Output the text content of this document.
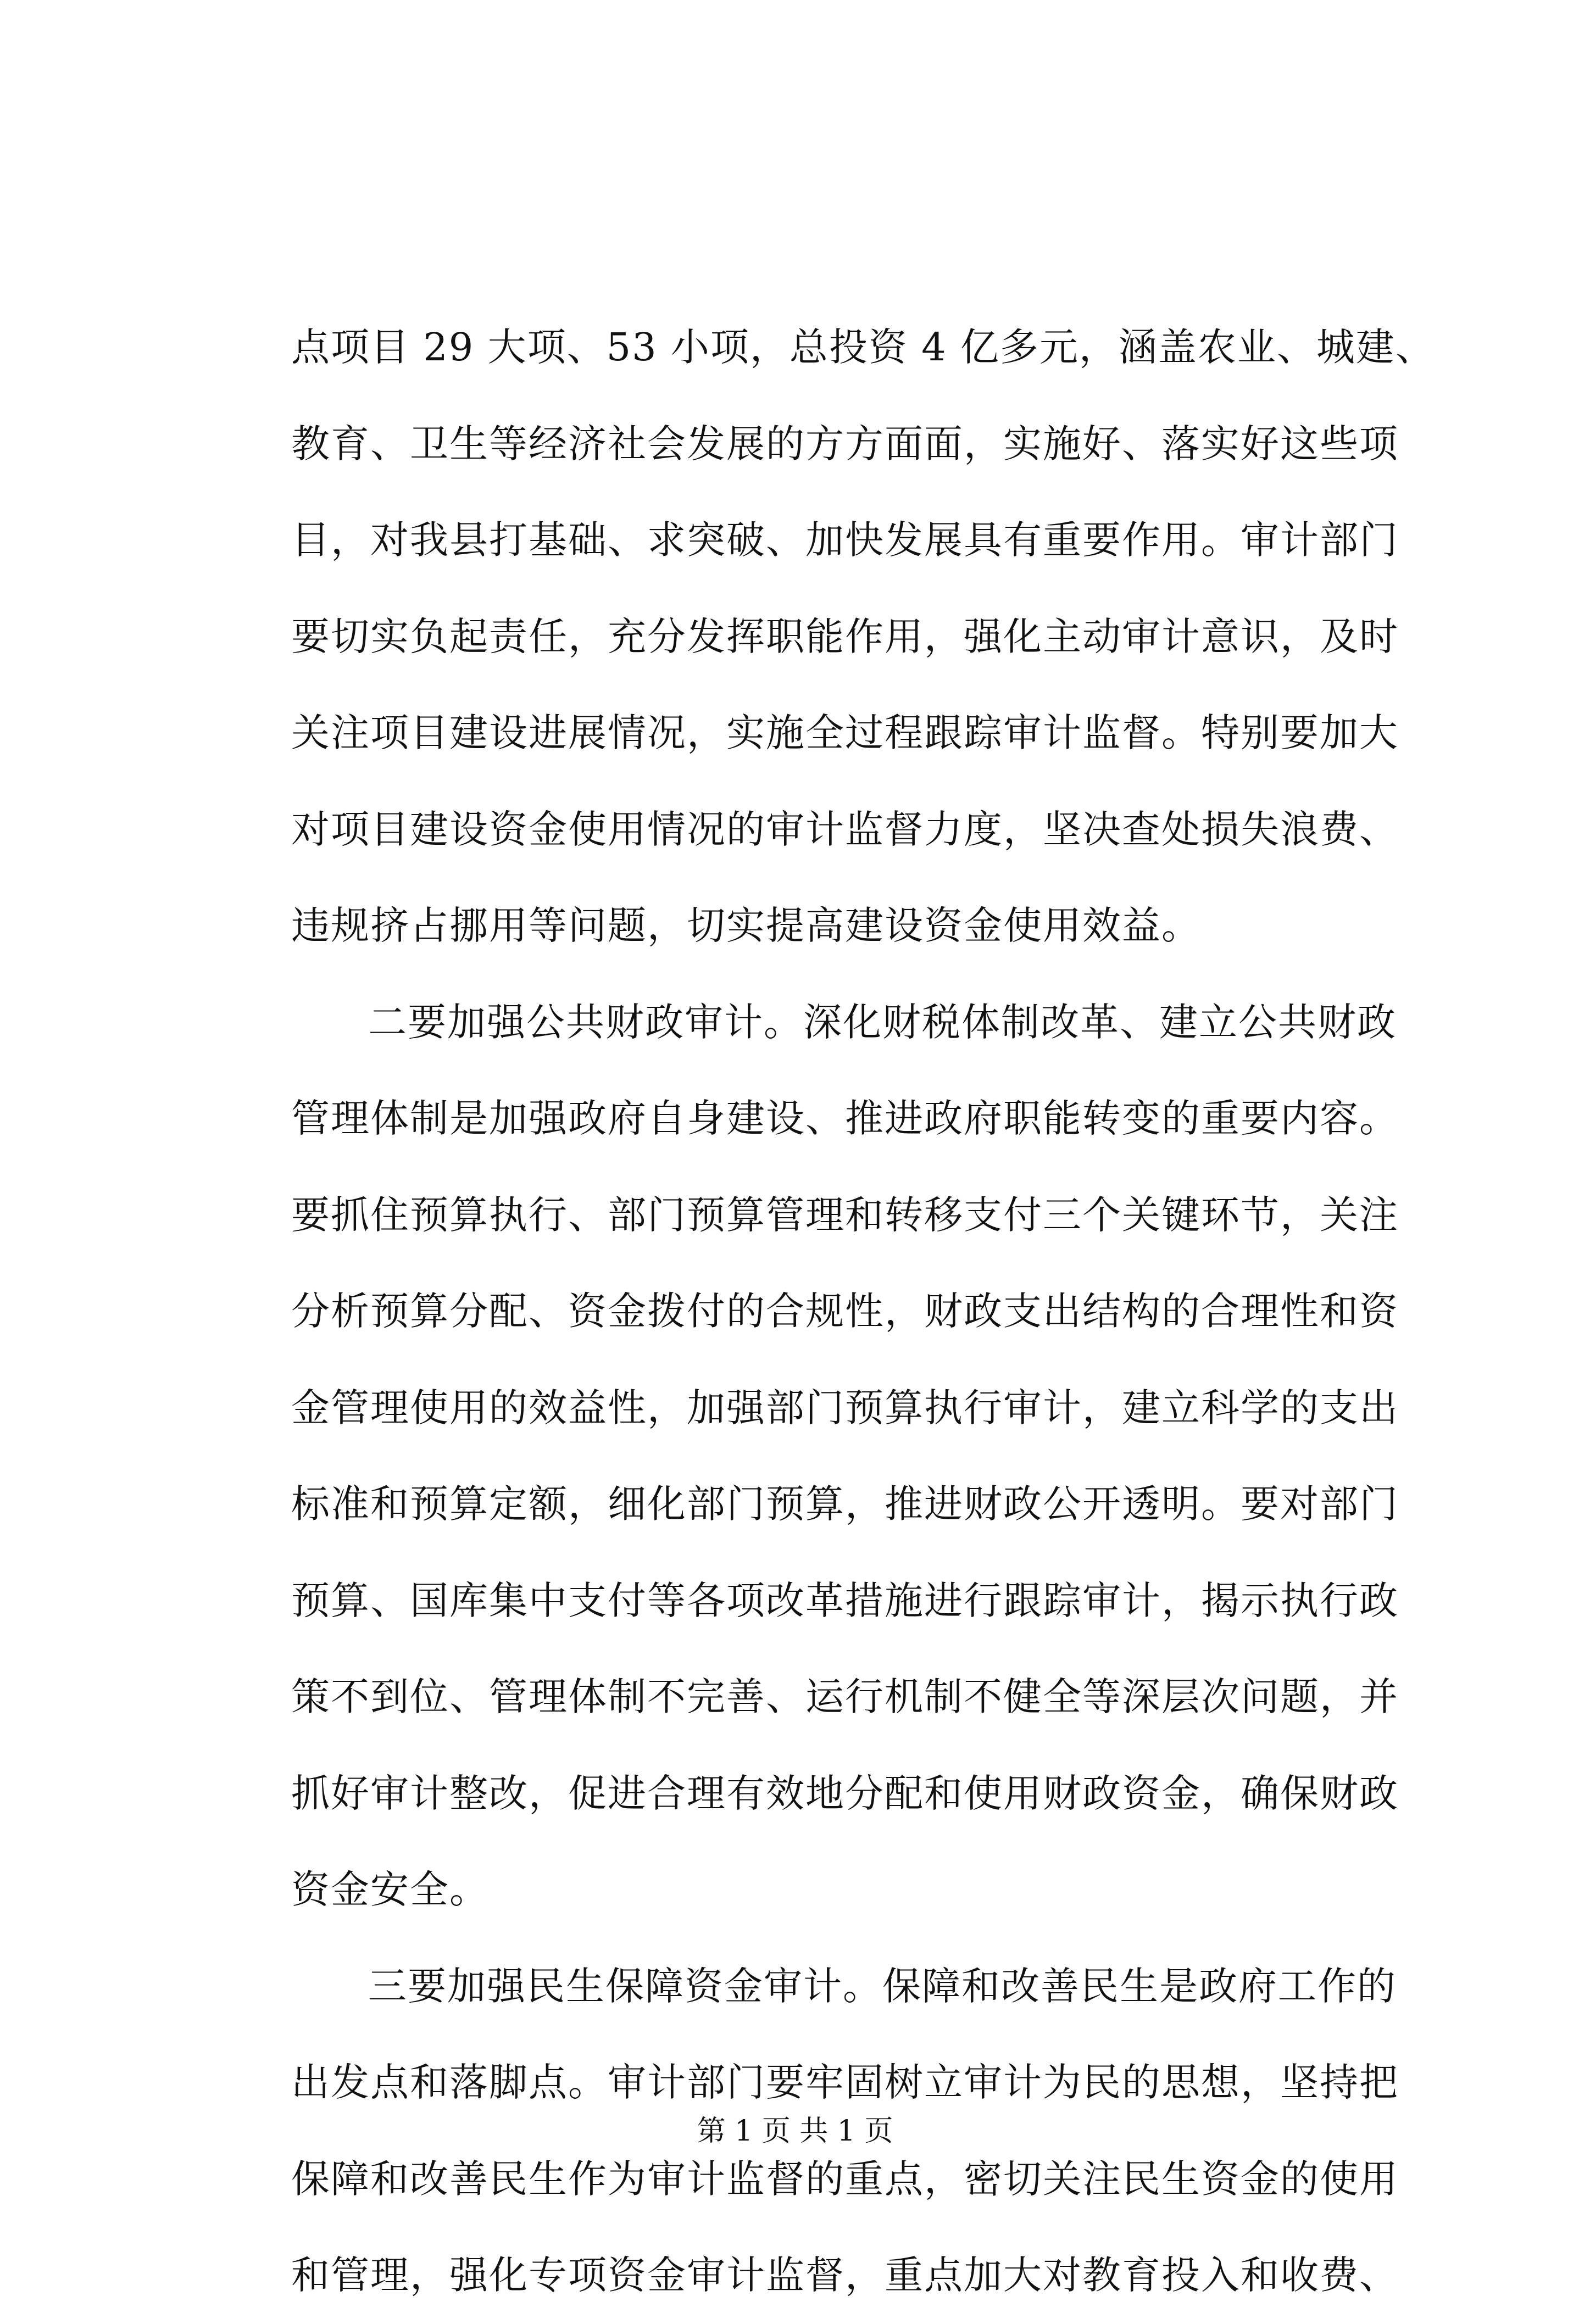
点项目 29 大项、53 小项，总投资 4 亿多元，涵盖农业、城建、
教育、卫生等经济社会发展的方方面面，实施好、落实好这些项
目，对我县打基础、求突破、加快发展具有重要作用。审计部门
要切实负起责任，充分发挥职能作用，强化主动审计意识，及时
关注项目建设进展情况，实施全过程跟踪审计监督。特别要加大
对项目建设资金使用情况的审计监督力度，坚决查处损失浪费、
违规挤占挪用等问题，切实提高建设资金使用效益。
二要加强公共财政审计。深化财税体制改革、建立公共财政
管理体制是加强政府自身建设、推进政府职能转变的重要内容。
要抓住预算执行、部门预算管理和转移支付三个关键环节，关注
分析预算分配、资金拨付的合规性，财政支出结构的合理性和资
金管理使用的效益性，加强部门预算执行审计，建立科学的支出
标准和预算定额，细化部门预算，推进财政公开透明。要对部门
预算、国库集中支付等各项改革措施进行跟踪审计，揭示执行政
策不到位、管理体制不完善、运行机制不健全等深层次问题，并
抓好审计整改，促进合理有效地分配和使用财政资金，确保财政
资金安全。
三要加强民生保障资金审计。保障和改善民生是政府工作的
出发点和落脚点。审计部门要牢固树立审计为民的思想，坚持把
保障和改善民生作为审计监督的重点，密切关注民生资金的使用
和管理，强化专项资金审计监督，重点加大对教育投入和收费、
第 1 页 共 1 页
